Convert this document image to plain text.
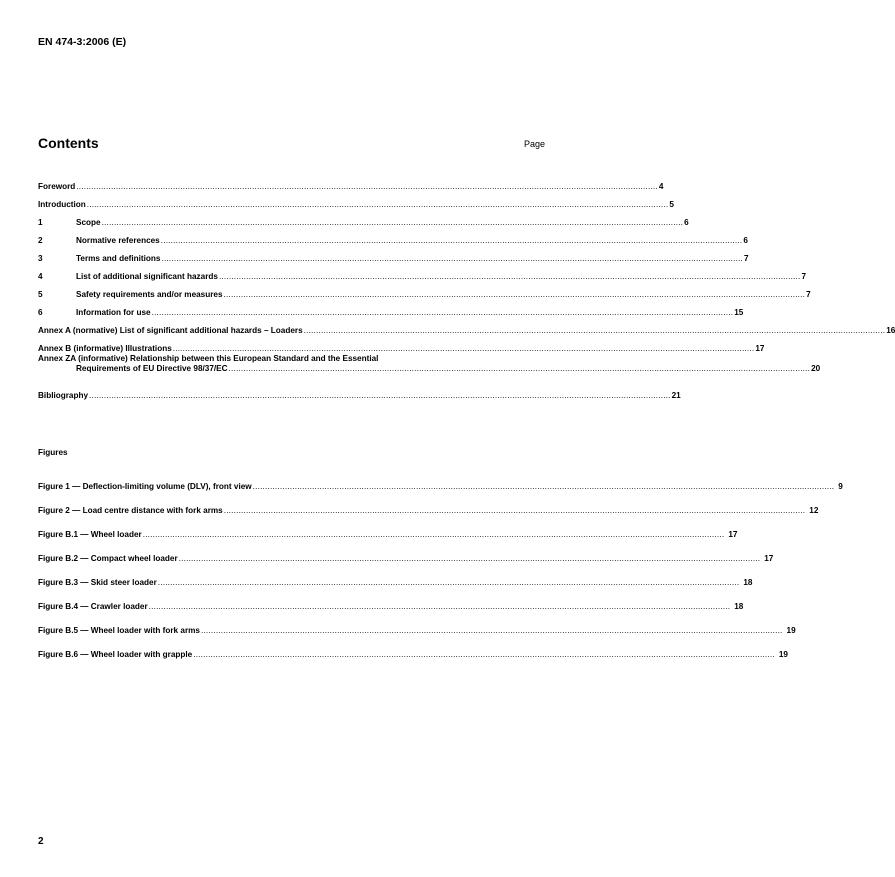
EN 474-3:2006 (E)
Contents	Page
Foreword .....	4
Introduction .....	5
1	Scope .....	6
2	Normative references .....	6
3	Terms and definitions .....	7
4	List of additional significant hazards .....	7
5	Safety requirements and/or measures .....	7
6	Information for use .....	15
Annex A (normative) List of significant additional hazards – Loaders .....	16
Annex B (informative) Illustrations .....	17
Annex ZA (informative) Relationship between this European Standard and the Essential
Requirements of EU Directive 98/37/EC .....	20
Bibliography .....	21
Figures
Figure 1 — Deflection-limiting volume (DLV), front view .....	9
Figure 2 — Load centre distance with fork arms .....	12
Figure B.1 — Wheel loader .....	17
Figure B.2 — Compact wheel loader .....	17
Figure B.3 — Skid steer loader .....	18
Figure B.4 — Crawler loader .....	18
Figure B.5 — Wheel loader with fork arms .....	19
Figure B.6 — Wheel loader with grapple .....	19
2
